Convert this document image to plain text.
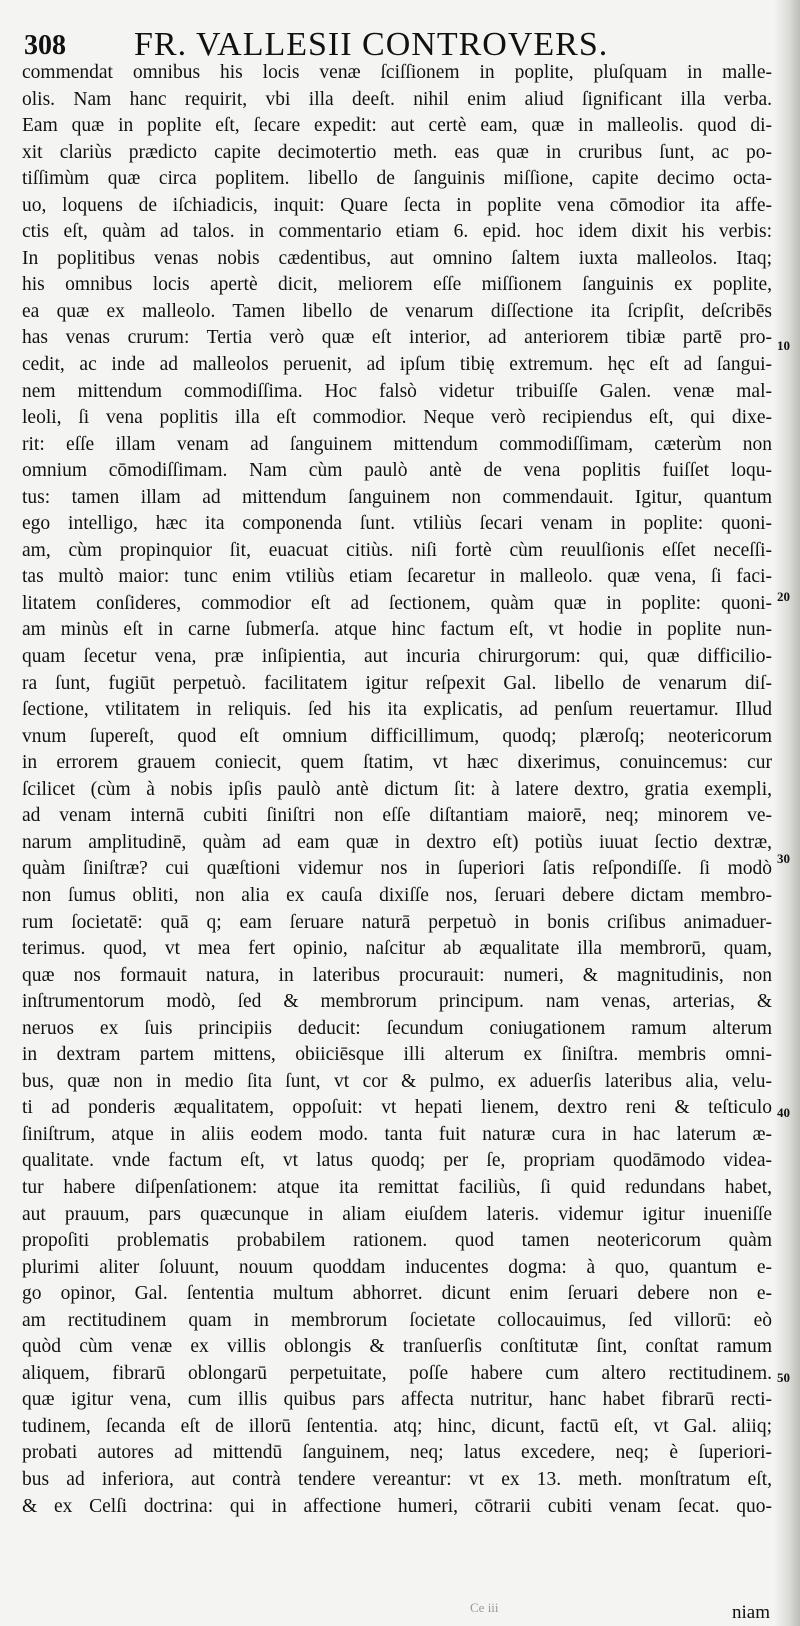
308 FR. VALLESII CONTROVERS.
commendat omnibus his locis venæ ſciſſionem in poplite, pluſquam in malle-
olis. Nam hanc requirit, vbi illa deeſt. nihil enim aliud ſignificant illa verba.
Eam quæ in poplite eſt, ſecare expedit: aut certè eam, quæ in malleolis. quod di-
xit clariùs prædicto capite decimotertio meth. eas quæ in cruribus ſunt, ac po-
tiſſimùm quæ circa poplitem. libello de ſanguinis miſſione, capite decimo octa-
uo, loquens de iſchiadicis, inquit: Quare ſecta in poplite vena cōmodior ita affe-
ctis eſt, quàm ad talos. in commentario etiam 6. epid. hoc idem dixit his verbis:
In poplitibus venas nobis cædentibus, aut omnino ſaltem iuxta malleolos. Itaq;
his omnibus locis apertè dicit, meliorem eſſe miſſionem ſanguinis ex poplite,
ea quæ ex malleolo. Tamen libello de venarum diſſectione ita ſcripſit, deſcribēs
has venas crurum: Tertia verò quæ eſt interior, ad anteriorem tibiæ partē pro-
cedit, ac inde ad malleolos peruenit, ad ipſum tibię extremum. hęc eſt ad ſangui-
nem mittendum commodiſſima. Hoc falsò videtur tribuiſſe Galen. venæ mal-
leoli, ſi vena poplitis illa eſt commodior. Neque verò recipiendus eſt, qui dixe-
rit: eſſe illam venam ad ſanguinem mittendum commodiſſimam, cæterùm non
omnium cōmodiſſimam. Nam cùm paulò antè de vena poplitis fuiſſet loqu-
tus: tamen illam ad mittendum ſanguinem non commendauit. Igitur, quantum
ego intelligo, hæc ita componenda ſunt. vtiliùs ſecari venam in poplite: quoni-
am, cùm propinquior ſit, euacuat citiùs. niſi fortè cùm reuulſionis eſſet neceſſi-
tas multò maior: tunc enim vtiliùs etiam ſecaretur in malleolo. quæ vena, ſi faci-
litatem conſideres, commodior eſt ad ſectionem, quàm quæ in poplite: quoni-
am minùs eſt in carne ſubmerſa. atque hinc factum eſt, vt hodie in poplite nun-
quam ſecetur vena, præ inſipientia, aut incuria chirurgorum: qui, quæ difficilio-
ra ſunt, fugiūt perpetuò. facilitatem igitur reſpexit Gal. libello de venarum diſ-
ſectione, vtilitatem in reliquis. ſed his ita explicatis, ad penſum reuertamur. Illud
vnum ſupereſt, quod eſt omnium difficillimum, quodq; plæroſq; neotericorum
in errorem grauem coniecit, quem ſtatim, vt hæc dixerimus, conuincemus: cur
ſcilicet (cùm à nobis ipſis paulò antè dictum ſit: à latere dextro, gratia exempli,
ad venam internā cubiti ſiniſtri non eſſe diſtantiam maiorē, neq; minorem ve-
narum amplitudinē, quàm ad eam quæ in dextro eſt) potiùs iuuat ſectio dextræ,
quàm ſiniſtræ? cui quæſtioni videmur nos in ſuperiori ſatis reſpondiſſe. ſi modò
non ſumus obliti, non alia ex cauſa dixiſſe nos, ſeruari debere dictam membro-
rum ſocietatē: quā q; eam ſeruare naturā perpetuò in bonis criſibus animaduer-
terimus. quod, vt mea fert opinio, naſcitur ab æqualitate illa membrorū, quam,
quæ nos formauit natura, in lateribus procurauit: numeri, & magnitudinis, non
inſtrumentorum modò, ſed & membrorum principum. nam venas, arterias, &
neruos ex ſuis principiis deducit: ſecundum coniugationem ramum alterum
in dextram partem mittens, obiiciēsque illi alterum ex ſiniſtra. membris omni-
bus, quæ non in medio ſita ſunt, vt cor & pulmo, ex aduerſis lateribus alia, velu-
ti ad ponderis æqualitatem, oppoſuit: vt hepati lienem, dextro reni & teſticulo
ſiniſtrum, atque in aliis eodem modo. tanta fuit naturæ cura in hac laterum æ-
qualitate. vnde factum eſt, vt latus quodq; per ſe, propriam quodāmodo videa-
tur habere diſpenſationem: atque ita remittat faciliùs, ſi quid redundans habet,
aut prauum, pars quæcunque in aliam eiuſdem lateris. videmur igitur inueniſſe
propoſiti problematis probabilem rationem. quod tamen neotericorum quàm
plurimi aliter ſoluunt, nouum quoddam inducentes dogma: à quo, quantum e-
go opinor, Gal. ſententia multum abhorret. dicunt enim ſeruari debere non e-
am rectitudinem quam in membrorum ſocietate collocauimus, ſed villorū: eò
quòd cùm venæ ex villis oblongis & tranſuerſis conſtitutæ ſint, conſtat ramum
aliquem, fibrarū oblongarū perpetuitate, poſſe habere cum altero rectitudinem.
quæ igitur vena, cum illis quibus pars affecta nutritur, hanc habet fibrarū recti-
tudinem, ſecanda eſt de illorū ſententia. atq; hinc, dicunt, factū eſt, vt Gal. aliiq;
probati autores ad mittendū ſanguinem, neq; latus excedere, neq; è ſuperiori-
bus ad inferiora, aut contrà tendere vereantur: vt ex 13. meth. monſtratum eſt,
& ex Celſi doctrina: qui in affectione humeri, cōtrarii cubiti venam ſecat. quo-
10
20
30
40
50
Ce iii	niam
